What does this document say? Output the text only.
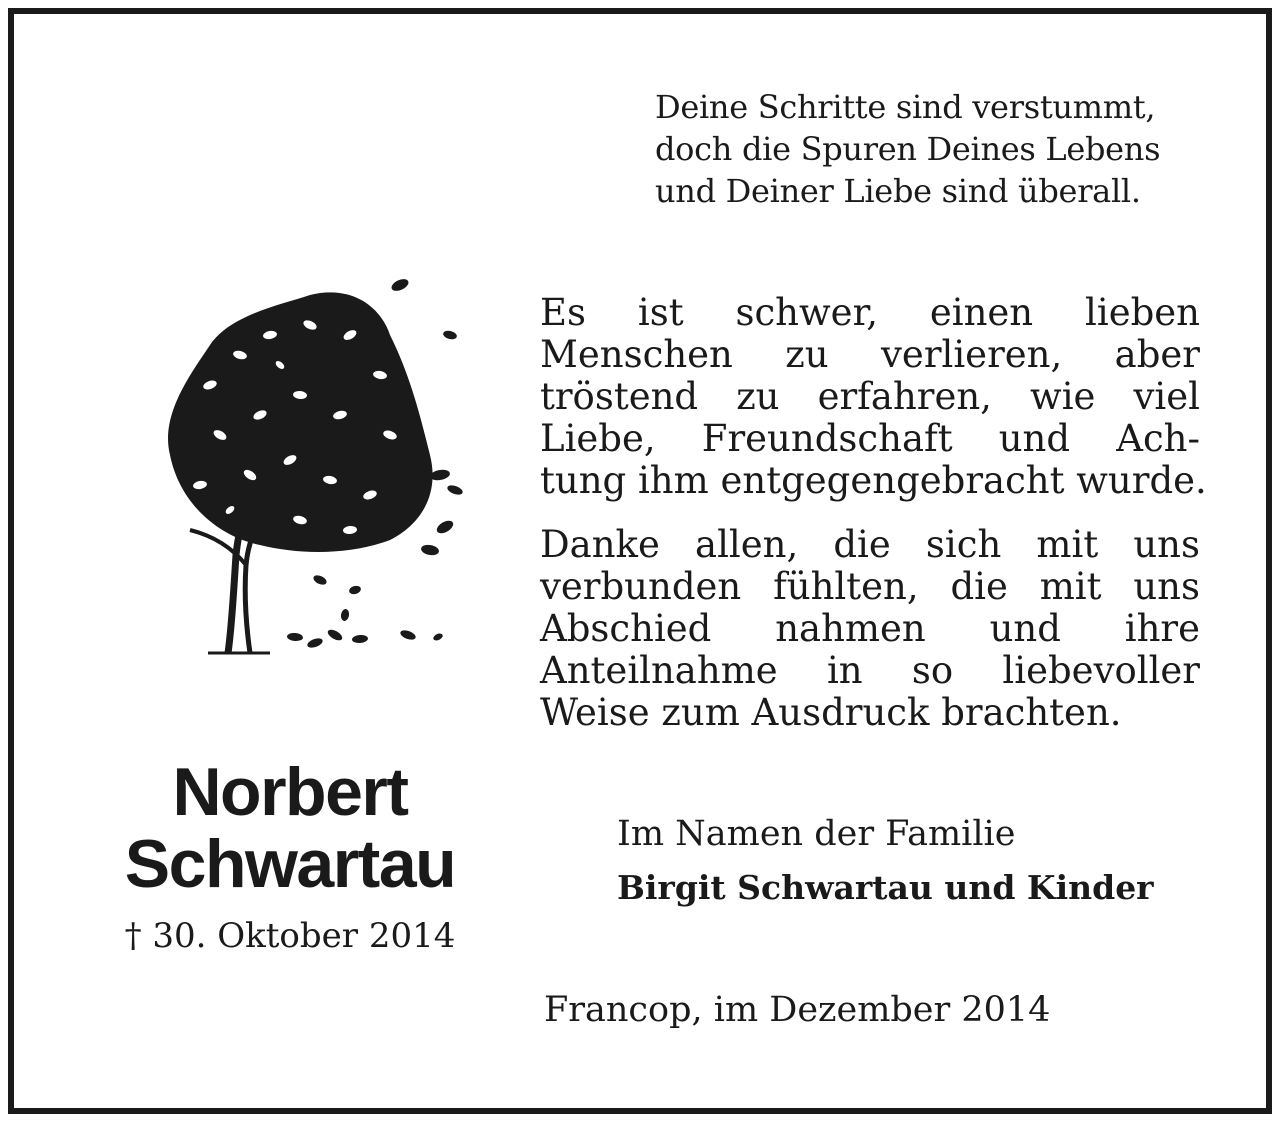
Deine Schritte sind verstummt,
doch die Spuren Deines Lebens
und Deiner Liebe sind überall.
Es ist schwer, einen lieben
Menschen zu verlieren, aber
tröstend zu erfahren, wie viel
Liebe, Freundschaft und Ach-
tung ihm entgegengebracht wurde.
Danke allen, die sich mit uns
verbunden fühlten, die mit uns
Abschied nahmen und ihre
Anteilnahme in so liebevoller
Weise zum Ausdruck brachten.
Norbert
Schwartau
† 30. Oktober 2014
Im Namen der Familie
Birgit Schwartau und Kinder
Francop, im Dezember 2014
